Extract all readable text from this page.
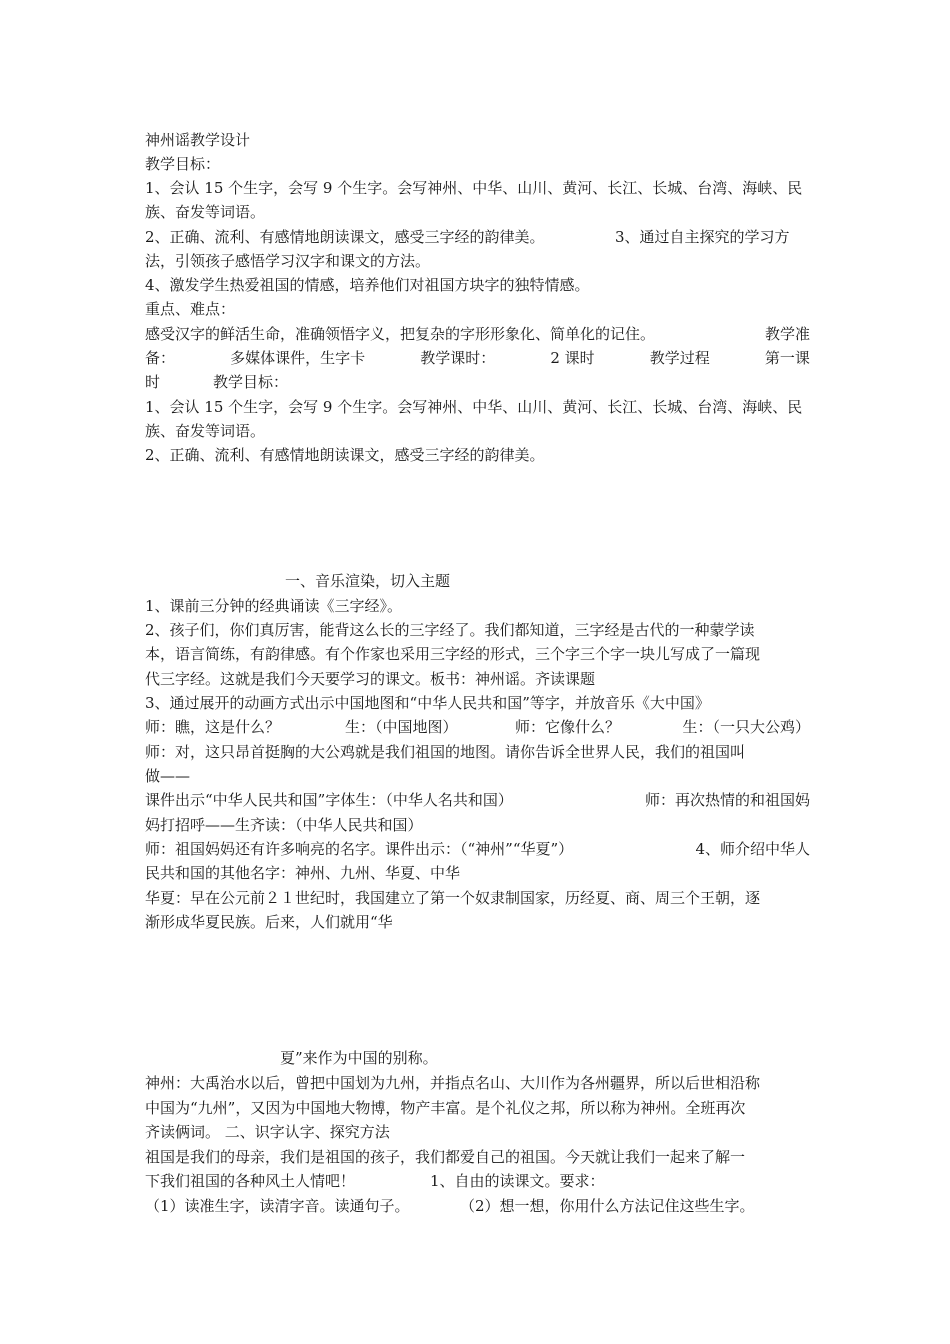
神州谣教学设计
教学目标：
1、会认 15 个生字，会写 9 个生字。会写神州、中华、山川、黄河、长江、长城、台湾、海峡、民
族、奋发等词语。
2、正确、流利、有感情地朗读课文，感受三字经的韵律美。	3、通过自主探究的学习方
法，引领孩子感悟学习汉字和课文的方法。
4、激发学生热爱祖国的情感，培养他们对祖国方块字的独特情感。
重点、难点：
感受汉字的鲜活生命，准确领悟字义，把复杂的字形形象化、简单化的记住。	教学准
备：	多媒体课件，生字卡	教学课时：	2 课时	教学过程	第一课
时	教学目标：
1、会认 15 个生字，会写 9 个生字。会写神州、中华、山川、黄河、长江、长城、台湾、海峡、民
族、奋发等词语。
2、正确、流利、有感情地朗读课文，感受三字经的韵律美。
一、音乐渲染，切入主题
1、课前三分钟的经典诵读《三字经》。
2、孩子们，你们真厉害，能背这么长的三字经了。我们都知道，三字经是古代的一种蒙学读
本，语言简练，有韵律感。有个作家也采用三字经的形式，三个字三个字一块儿写成了一篇现
代三字经。这就是我们今天要学习的课文。板书：神州谣。齐读课题
3、通过展开的动画方式出示中国地图和“中华人民共和国”等字，并放音乐《大中国》
师：瞧，这是什么？	生：（中国地图）	师：它像什么？	生：（一只大公鸡）
师：对，这只昂首挺胸的大公鸡就是我们祖国的地图。请你告诉全世界人民，我们的祖国叫
做——
课件出示“中华人民共和国”字体生：（中华人名共和国）	师：再次热情的和祖国妈
妈打招呼——生齐读：（中华人民共和国）
师：祖国妈妈还有许多响亮的名字。课件出示：（“神州”“华夏”）	4、师介绍中华人
民共和国的其他名字：神州、九州、华夏、中华
华夏：早在公元前２１世纪时，我国建立了第一个奴隶制国家，历经夏、商、周三个王朝，逐
渐形成华夏民族。后来，人们就用“华
夏”来作为中国的别称。
神州：大禹治水以后，曾把中国划为九州，并指点名山、大川作为各州疆界，所以后世相沿称
中国为“九州”，又因为中国地大物博，物产丰富。是个礼仪之邦，所以称为神州。全班再次
齐读俩词。 二、识字认字、探究方法
祖国是我们的母亲，我们是祖国的孩子，我们都爱自己的祖国。今天就让我们一起来了解一
下我们祖国的各种风土人情吧！	1、自由的读课文。要求：
（1）读准生字，读清字音。读通句子。	（2）想一想，你用什么方法记住这些生字。
